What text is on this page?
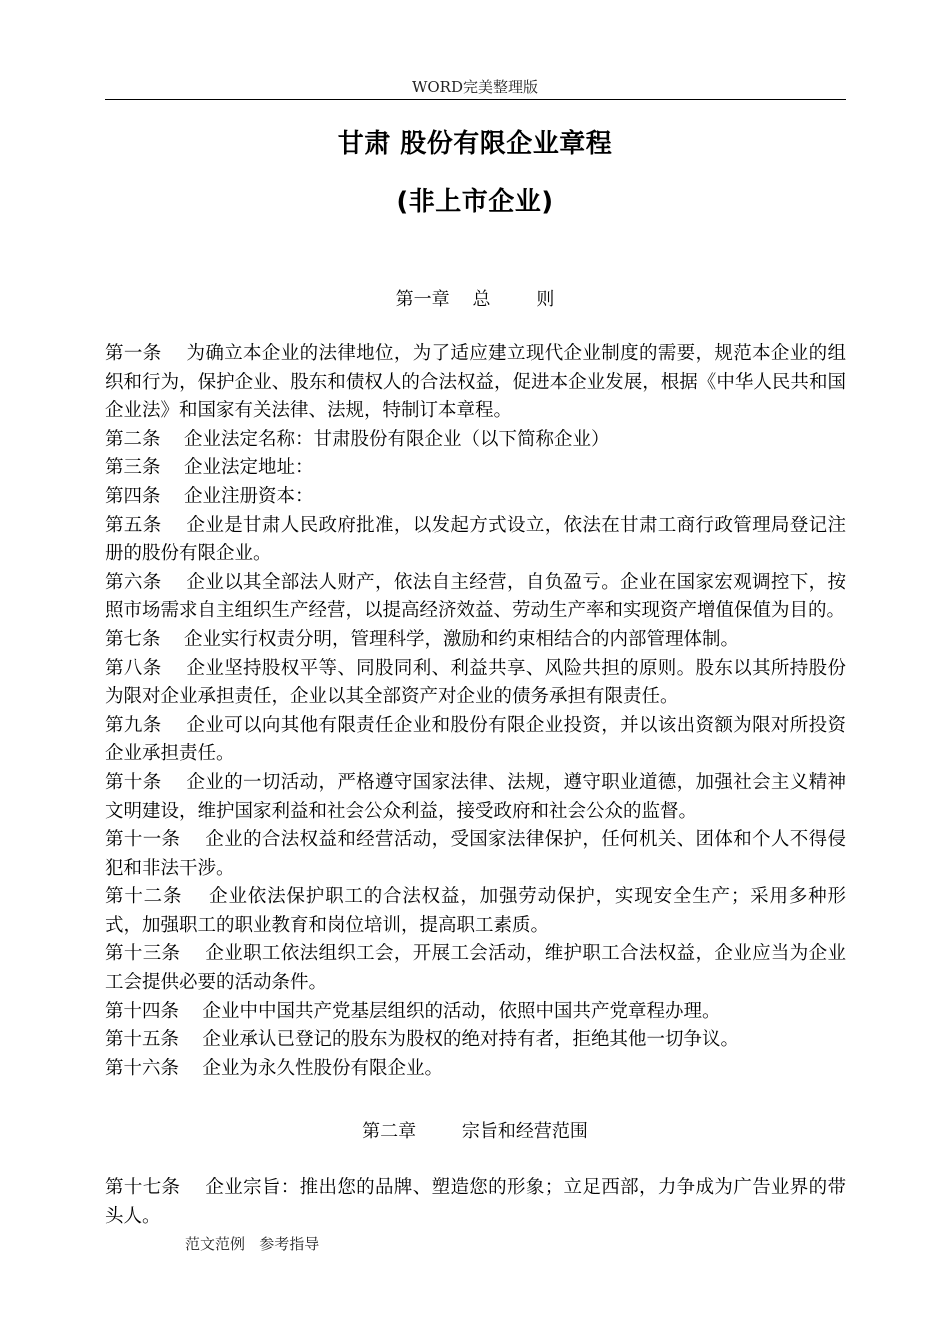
WORD完美整理版
甘肃 股份有限企业章程
(非上市企业)
第一章    总        则

第一条 为确立本企业的法律地位，为了适应建立现代企业制度的需要，规范本企业的组织和行为，保护企业、股东和债权人的合法权益，促进本企业发展，根据《中华人民共和国企业法》和国家有关法律、法规，特制订本章程。

第二条 企业法定名称：甘肃股份有限企业（以下简称企业）

第三条 企业法定地址：

第四条 企业注册资本：

第五条 企业是甘肃人民政府批准，以发起方式设立，依法在甘肃工商行政管理局登记注册的股份有限企业。

第六条 企业以其全部法人财产，依法自主经营，自负盈亏。企业在国家宏观调控下，按照市场需求自主组织生产经营，以提高经济效益、劳动生产率和实现资产增值保值为目的。

第七条 企业实行权责分明，管理科学，激励和约束相结合的内部管理体制。

第八条 企业坚持股权平等、同股同利、利益共享、风险共担的原则。股东以其所持股份为限对企业承担责任，企业以其全部资产对企业的债务承担有限责任。

第九条 企业可以向其他有限责任企业和股份有限企业投资，并以该出资额为限对所投资企业承担责任。

第十条 企业的一切活动，严格遵守国家法律、法规，遵守职业道德，加强社会主义精神文明建设，维护国家利益和社会公众利益，接受政府和社会公众的监督。

第十一条 企业的合法权益和经营活动，受国家法律保护，任何机关、团体和个人不得侵犯和非法干涉。

第十二条 企业依法保护职工的合法权益，加强劳动保护，实现安全生产；采用多种形式，加强职工的职业教育和岗位培训，提高职工素质。

第十三条 企业职工依法组织工会，开展工会活动，维护职工合法权益，企业应当为企业工会提供必要的活动条件。

第十四条 企业中中国共产党基层组织的活动，依照中国共产党章程办理。

第十五条 企业承认已登记的股东为股权的绝对持有者，拒绝其他一切争议。

第十六条 企业为永久性股份有限企业。

第二章        宗旨和经营范围

第十七条 企业宗旨：推出您的品牌、塑造您的形象；立足西部，力争成为广告业界的带头人。

范文范例   参考指导
